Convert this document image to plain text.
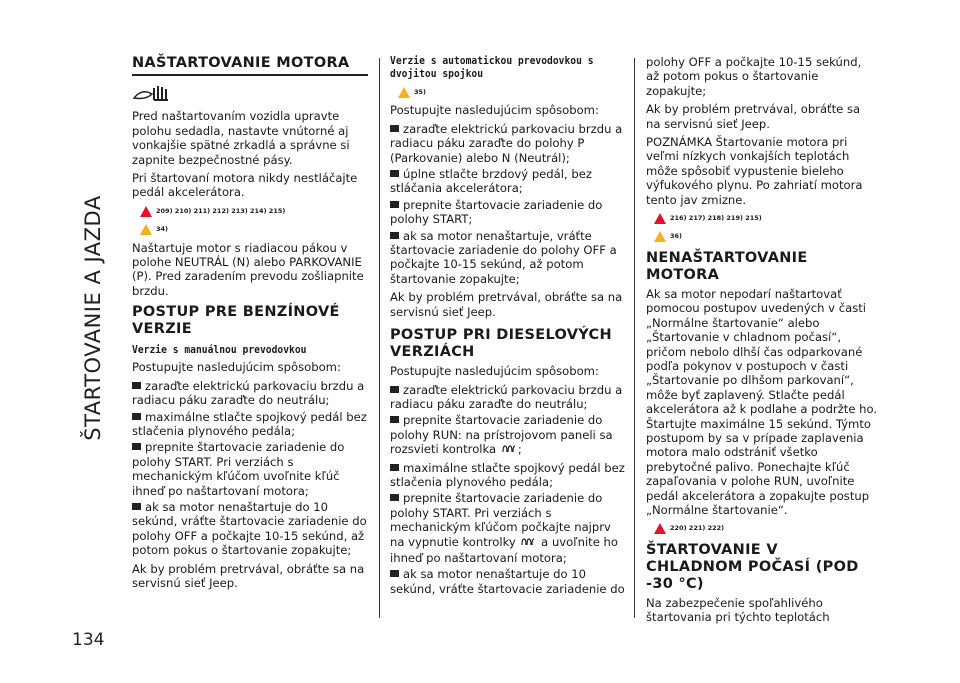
ŠTARTOVANIE A JAZDA
134
NAŠTARTOVANIE MOTORA

Pred naštartovaním vozidla upravte polohu sedadla, nastavte vnútorné aj vonkajšie spätné zrkadlá a správne si zapnite bezpečnostné pásy.

Pri štartovaní motora nikdy nestláčajte pedál akcelerátora.

209) 210) 211) 212) 213) 214) 215)
34)

Naštartuje motor s riadiacou pákou v polohe NEUTRÁL (N) alebo PARKOVANIE (P). Pred zaradením prevodu zošliapnite brzdu.

POSTUP PRE BENZÍNOVÉ VERZIE
Verzie s manuálnou prevodovkou

Postupujte nasledujúcim spôsobom:

zaraďte elektrickú parkovaciu brzdu a radiacu páku zaraďte do neutrálu;
maximálne stlačte spojkový pedál bez stlačenia plynového pedála;
prepnite štartovacie zariadenie do polohy START. Pri verziách s mechanickým kľúčom uvoľnite kľúč ihneď po naštartovaní motora;
ak sa motor nenaštartuje do 10 sekúnd, vráťte štartovacie zariadenie do polohy OFF a počkajte 10-15 sekúnd, až potom pokus o štartovanie zopakujte;

Ak by problém pretrvával, obráťte sa na servisnú sieť Jeep.

Verzie s automatickou prevodovkou s dvojitou spojkou
35)

Postupujte nasledujúcim spôsobom:

zaraďte elektrickú parkovaciu brzdu a radiacu páku zaraďte do polohy P (Parkovanie) alebo N (Neutrál);
úplne stlačte brzdový pedál, bez stláčania akcelerátora;
prepnite štartovacie zariadenie do polohy START;
ak sa motor nenaštartuje, vráťte štartovacie zariadenie do polohy OFF a počkajte 10-15 sekúnd, až potom štartovanie zopakujte;

Ak by problém pretrvával, obráťte sa na servisnú sieť Jeep.

POSTUP PRI DIESELOVÝCH VERZIÁCH

Postupujte nasledujúcim spôsobom:

zaraďte elektrickú parkovaciu brzdu a radiacu páku zaraďte do neutrálu;
prepnite štartovacie zariadenie do polohy RUN: na prístrojovom paneli sa rozsvieti kontrolka ;
maximálne stlačte spojkový pedál bez stlačenia plynového pedála;
prepnite štartovacie zariadenie do polohy START. Pri verziách s mechanickým kľúčom počkajte najprv na vypnutie kontrolky a uvoľnite ho ihneď po naštartovaní motora;
ak sa motor nenaštartuje do 10 sekúnd, vráťte štartovacie zariadenie do

polohy OFF a počkajte 10-15 sekúnd, až potom pokus o štartovanie zopakujte;

Ak by problém pretrvával, obráťte sa na servisnú sieť Jeep.

POZNÁMKA Štartovanie motora pri veľmi nízkych vonkajších teplotách môže spôsobiť vypustenie bieleho výfukového plynu. Po zahriatí motora tento jav zmizne.

216) 217) 218) 219) 215)
36)
NENAŠTARTOVANIE MOTORA

Ak sa motor nepodarí naštartovať pomocou postupov uvedených v časti „Normálne štartovanie“ alebo „Štartovanie v chladnom počasí“, pričom nebolo dlhší čas odparkované podľa pokynov v postupoch v časti „Štartovanie po dlhšom parkovaní“, môže byť zaplavený. Stlačte pedál akcelerátora až k podlahe a podržte ho. Štartujte maximálne 15 sekúnd. Týmto postupom by sa v prípade zaplavenia motora malo odstrániť všetko prebytočné palivo. Ponechajte kľúč zapaľovania v polohe RUN, uvoľnite pedál akcelerátora a zopakujte postup „Normálne štartovanie“.

220) 221) 222)
ŠTARTOVANIE V CHLADNOM POČASÍ (POD -30 °C)

Na zabezpečenie spoľahlivého štartovania pri týchto teplotách
